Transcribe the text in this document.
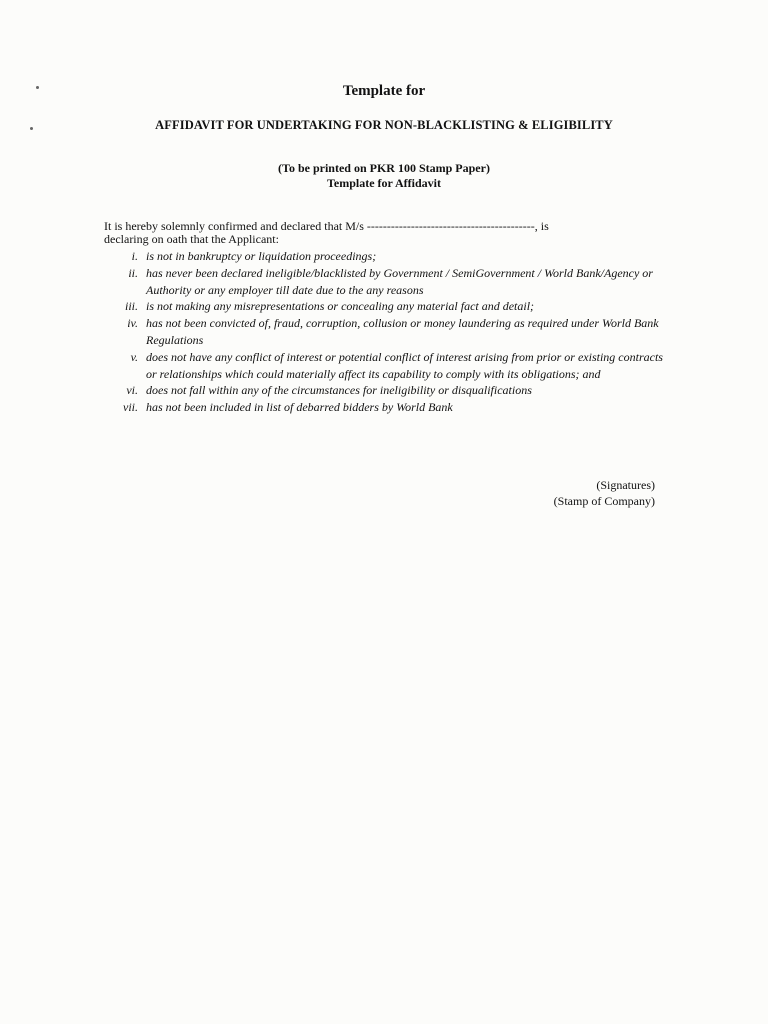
Template for
AFFIDAVIT FOR UNDERTAKING FOR NON-BLACKLISTING & ELIGIBILITY
(To be printed on PKR 100 Stamp Paper)
Template for Affidavit
It is hereby solemnly confirmed and declared that M/s ------------------------------------------, is
declaring on oath that the Applicant:
i. is not in bankruptcy or liquidation proceedings;
ii. has never been declared ineligible/blacklisted by Government / SemiGovernment / World Bank/Agency or Authority or any employer till date due to the any reasons
iii. is not making any misrepresentations or concealing any material fact and detail;
iv. has not been convicted of, fraud, corruption, collusion or money laundering as required under World Bank Regulations
v. does not have any conflict of interest or potential conflict of interest arising from prior or existing contracts or relationships which could materially affect its capability to comply with its obligations; and
vi. does not fall within any of the circumstances for ineligibility or disqualifications
vii. has not been included in list of debarred bidders by World Bank
(Signatures)
(Stamp of Company)
